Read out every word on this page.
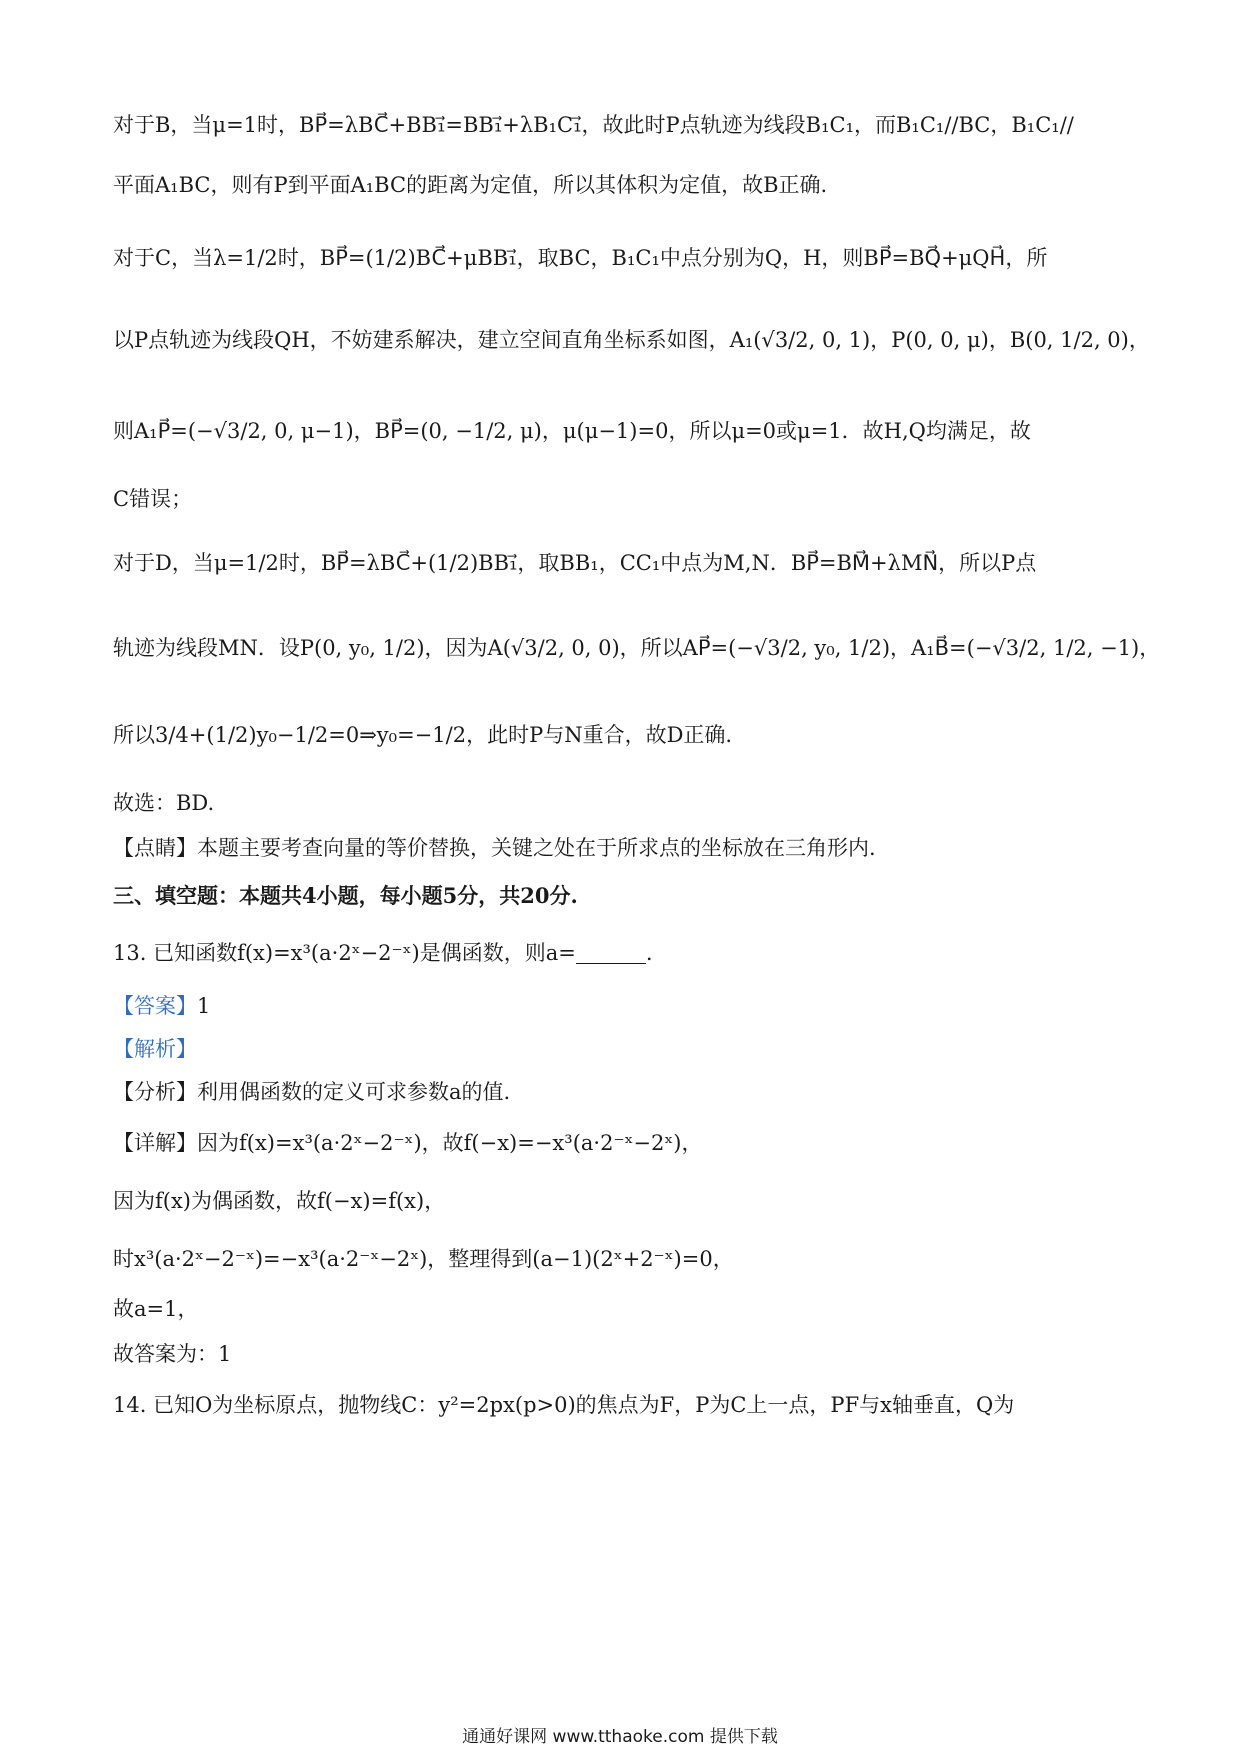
对于B，当μ=1时，BP⃗=λBC⃗+BB₁⃗=BB₁⃗+λB₁C₁⃗，故此时P点轨迹为线段B₁C₁，而B₁C₁//BC，B₁C₁//
平面A₁BC，则有P到平面A₁BC的距离为定值，所以其体积为定值，故B正确.
对于C，当λ=1/2时，BP⃗=(1/2)BC⃗+μBB₁⃗，取BC，B₁C₁中点分别为Q，H，则BP⃗=BQ⃗+μQH⃗，所
以P点轨迹为线段QH，不妨建系解决，建立空间直角坐标系如图，A₁(√3/2, 0, 1)，P(0, 0, μ)，B(0, 1/2, 0)，
则A₁P⃗=(−√3/2, 0, μ−1)，BP⃗=(0, −1/2, μ)，μ(μ−1)=0，所以μ=0或μ=1．故H,Q均满足，故
C错误；
对于D，当μ=1/2时，BP⃗=λBC⃗+(1/2)BB₁⃗，取BB₁，CC₁中点为M,N．BP⃗=BM⃗+λMN⃗，所以P点
轨迹为线段MN．设P(0, y₀, 1/2)，因为A(√3/2, 0, 0)，所以AP⃗=(−√3/2, y₀, 1/2)，A₁B⃗=(−√3/2, 1/2, −1)，
所以3/4+(1/2)y₀−1/2=0⇒y₀=−1/2，此时P与N重合，故D正确.
故选：BD.
【点睛】本题主要考查向量的等价替换，关键之处在于所求点的坐标放在三角形内.
三、填空题：本题共4小题，每小题5分，共20分.
13. 已知函数f(x)=x³(a·2ˣ−2⁻ˣ)是偶函数，则a=	.
【答案】 1
【解析】
【分析】利用偶函数的定义可求参数a的值.
【详解】因为f(x)=x³(a·2ˣ−2⁻ˣ)，故f(−x)=−x³(a·2⁻ˣ−2ˣ)，
因为f(x)为偶函数，故f(−x)=f(x)，
时x³(a·2ˣ−2⁻ˣ)=−x³(a·2⁻ˣ−2ˣ)，整理得到(a−1)(2ˣ+2⁻ˣ)=0，
故a=1，
故答案为：1
14. 已知O为坐标原点，抛物线C：y²=2px(p>0)的焦点为F，P为C上一点，PF与x轴垂直，Q为
通通好课网 www.tthaoke.com 提供下载
